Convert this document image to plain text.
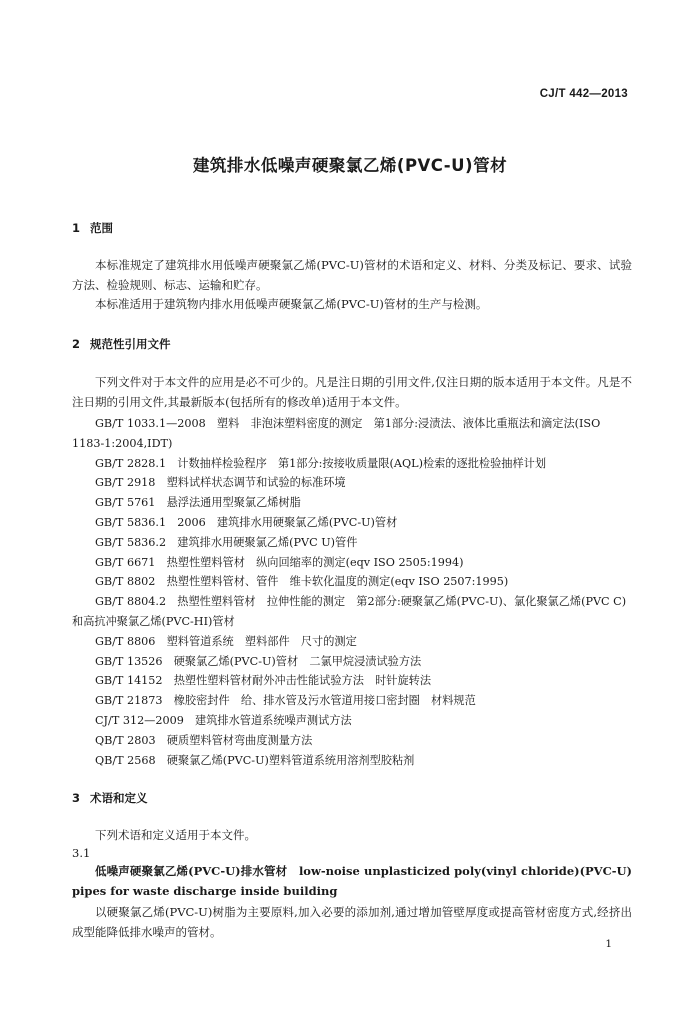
CJ/T 442—2013
建筑排水低噪声硬聚氯乙烯(PVC-U)管材
1 范围
本标准规定了建筑排水用低噪声硬聚氯乙烯(PVC-U)管材的术语和定义、材料、分类及标记、要求、试验方法、检验规则、标志、运输和贮存。
本标准适用于建筑物内排水用低噪声硬聚氯乙烯(PVC-U)管材的生产与检测。
2 规范性引用文件
下列文件对于本文件的应用是必不可少的。凡是注日期的引用文件,仅注日期的版本适用于本文件。凡是不注日期的引用文件,其最新版本(包括所有的修改单)适用于本文件。
GB/T 1033.1—2008　塑料　非泡沫塑料密度的测定　第1部分:浸渍法、液体比重瓶法和滴定法(ISO 1183-1:2004,IDT)
GB/T 2828.1　计数抽样检验程序　第1部分:按接收质量限(AQL)检索的逐批检验抽样计划
GB/T 2918　塑料试样状态调节和试验的标准环境
GB/T 5761　悬浮法通用型聚氯乙烯树脂
GB/T 5836.1　2006　建筑排水用硬聚氯乙烯(PVC-U)管材
GB/T 5836.2　建筑排水用硬聚氯乙烯(PVC U)管件
GB/T 6671　热塑性塑料管材　纵向回缩率的测定(eqv ISO 2505:1994)
GB/T 8802　热塑性塑料管材、管件　维卡软化温度的测定(eqv ISO 2507:1995)
GB/T 8804.2　热塑性塑料管材　拉伸性能的测定　第2部分:硬聚氯乙烯(PVC-U)、氯化聚氯乙烯(PVC C)和高抗冲聚氯乙烯(PVC-HI)管材
GB/T 8806　塑料管道系统　塑料部件　尺寸的测定
GB/T 13526　硬聚氯乙烯(PVC-U)管材　二氯甲烷浸渍试验方法
GB/T 14152　热塑性塑料管材耐外冲击性能试验方法　时针旋转法
GB/T 21873　橡胶密封件　给、排水管及污水管道用接口密封圈　材料规范
CJ/T 312—2009　建筑排水管道系统噪声测试方法
QB/T 2803　硬质塑料管材弯曲度测量方法
QB/T 2568　硬聚氯乙烯(PVC-U)塑料管道系统用溶剂型胶粘剂
3 术语和定义
下列术语和定义适用于本文件。
3.1
低噪声硬聚氯乙烯(PVC-U)排水管材　low-noise unplasticized poly(vinyl chloride)(PVC-U) pipes for waste discharge inside building
以硬聚氯乙烯(PVC-U)树脂为主要原料,加入必要的添加剂,通过增加管壁厚度或提高管材密度方式,经挤出成型能降低排水噪声的管材。
1
